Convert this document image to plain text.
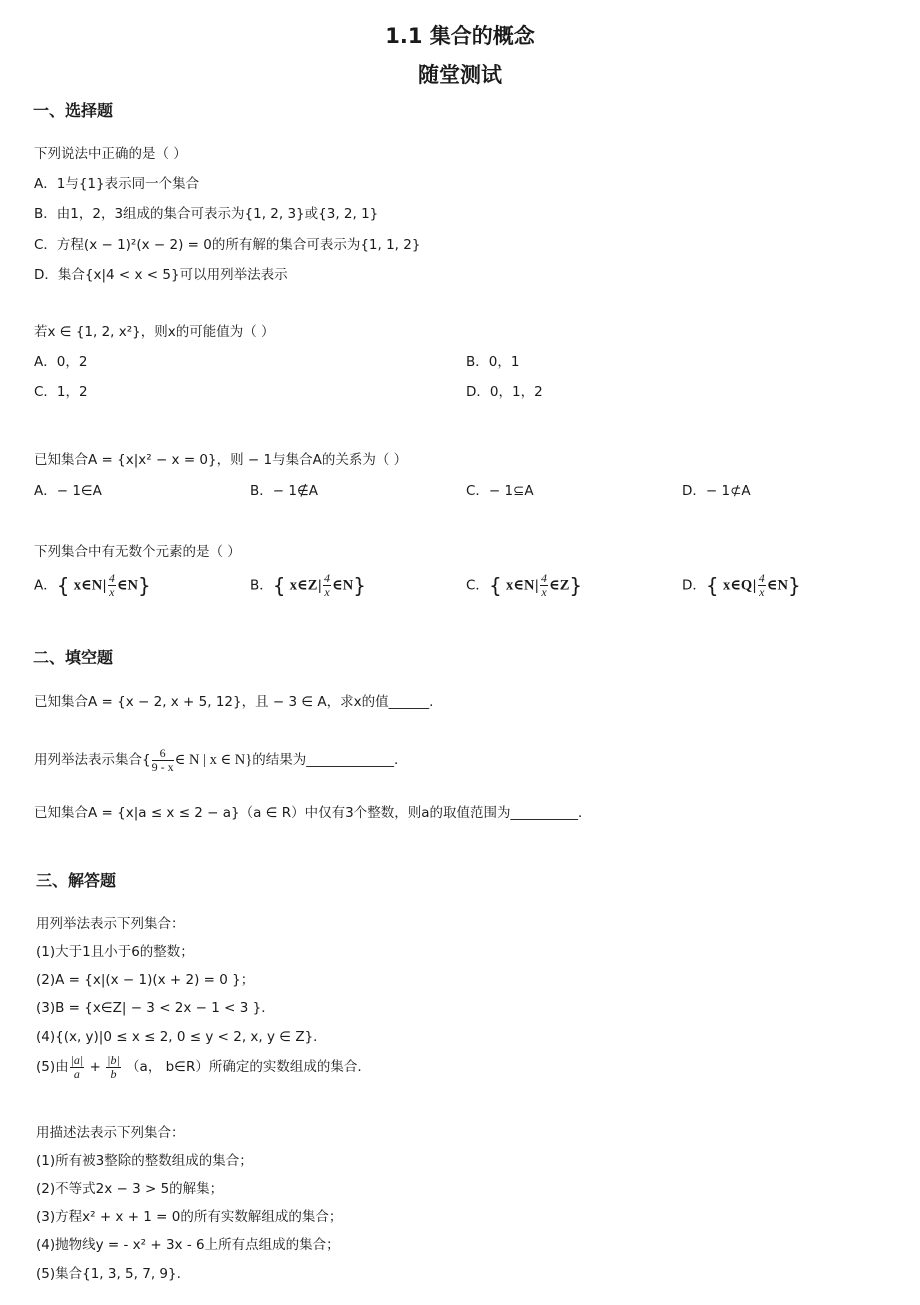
1.1 集合的概念
随堂测试
一、选择题
下列说法中正确的是（ ）
A．1与{1}表示同一个集合
B．由1，2，3组成的集合可表示为{1, 2, 3}或{3, 2, 1}
C．方程(x − 1)²(x − 2) = 0的所有解的集合可表示为{1, 1, 2}
D．集合{x|4 < x < 5}可以用列举法表示
若x ∈ {1, 2, x²}，则x的可能值为（ ）
A．0，2	B．0，1
C．1，2	D．0，1，2
已知集合A = {x|x² − x = 0}，则 − 1与集合A的关系为（ ）
A．− 1∈A	B．− 1∉A	C．− 1⊆A	D．− 1⊄A
下列集合中有无数个元素的是（ ）
A．{ x∈N| $\frac{4}{x}$ ∈N}	B．{ x∈Z| $\frac{4}{x}$ ∈N}	C．{ x∈N| $\frac{4}{x}$ ∈Z}	D．{ x∈Q| $\frac{4}{x}$ ∈N}
二、填空题
已知集合A = {x − 2, x + 5, 12}，且 − 3 ∈ A，求x的值______.
用列举法表示集合{ $\frac{6}{9 - x}$ ∈ N | x ∈ N}的结果为_____________.
已知集合A = {x|a ≤ x ≤ 2 − a}（a ∈ R）中仅有3个整数，则a的取值范围为__________．
三、解答题
用列举法表示下列集合：
(1)大于1且小于6的整数；
(2)A = {x|(x − 1)(x + 2) = 0 }；
(3)B = {x∈Z| − 3 < 2x − 1 < 3 }．
(4){(x, y)|0 ≤ x ≤ 2, 0 ≤ y < 2, x, y ∈ Z}．
(5)由 $\frac{|a|}{a} + \frac{|b|}{b} (a$， b∈R）所确定的实数组成的集合.
用描述法表示下列集合：
(1)所有被3整除的整数组成的集合；
(2)不等式2x − 3 > 5的解集；
(3)方程x² + x + 1 = 0的所有实数解组成的集合；
(4)抛物线y = - x² + 3x - 6上所有点组成的集合；
(5)集合{1, 3, 5, 7, 9}.
